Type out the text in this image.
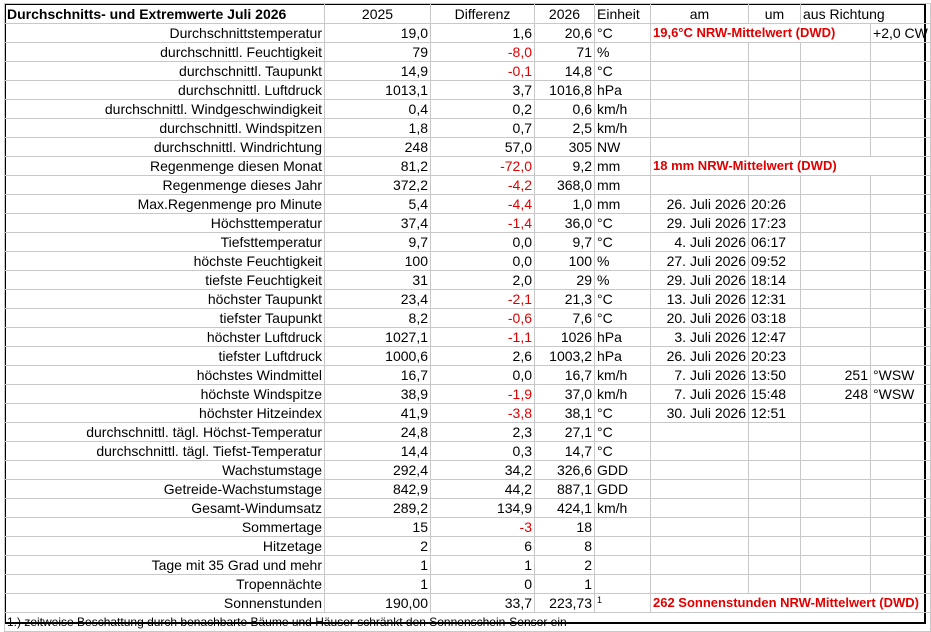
Durchschnitts- und Extremwerte Juli 2026	2025	Differenz	2026	Einheit	am	um	aus Richtung	
Durchschnittstemperatur	19,0	1,6	20,6	°C	19,6°C NRW-Mittelwert (DWD)			+2,0 CW
durchschnittl. Feuchtigkeit	79	-8,0	71	%				
durchschnittl. Taupunkt	14,9	-0,1	14,8	°C				
durchschnittl. Luftdruck	1013,1	3,7	1016,8	hPa				
durchschnittl. Windgeschwindigkeit	0,4	0,2	0,6	km/h				
durchschnittl. Windspitzen	1,8	0,7	2,5	km/h				
durchschnittl. Windrichtung	248	57,0	305	NW				
Regenmenge diesen Monat	81,2	-72,0	9,2	mm	18 mm NRW-Mittelwert (DWD)			
Regenmenge dieses Jahr	372,2	-4,2	368,0	mm				
Max.Regenmenge pro Minute	5,4	-4,4	1,0	mm	26. Juli 2026	20:26		
Höchsttemperatur	37,4	-1,4	36,0	°C	29. Juli 2026	17:23		
Tiefsttemperatur	9,7	0,0	9,7	°C	4. Juli 2026	06:17		
höchste Feuchtigkeit	100	0,0	100	%	27. Juli 2026	09:52		
tiefste Feuchtigkeit	31	2,0	29	%	29. Juli 2026	18:14		
höchster Taupunkt	23,4	-2,1	21,3	°C	13. Juli 2026	12:31		
tiefster Taupunkt	8,2	-0,6	7,6	°C	20. Juli 2026	03:18		
höchster Luftdruck	1027,1	-1,1	1026	hPa	3. Juli 2026	12:47		
tiefster Luftdruck	1000,6	2,6	1003,2	hPa	26. Juli 2026	20:23		
höchstes Windmittel	16,7	0,0	16,7	km/h	7. Juli 2026	13:50	251	°WSW
höchste Windspitze	38,9	-1,9	37,0	km/h	7. Juli 2026	15:48	248	°WSW
höchster Hitzeindex	41,9	-3,8	38,1	°C	30. Juli 2026	12:51		
durchschnittl. tägl. Höchst-Temperatur	24,8	2,3	27,1	°C				
durchschnittl. tägl. Tiefst-Temperatur	14,4	0,3	14,7	°C				
Wachstumstage	292,4	34,2	326,6	GDD				
Getreide-Wachstumstage	842,9	44,2	887,1	GDD				
Gesamt-Windumsatz	289,2	134,9	424,1	km/h				
Sommertage	15	-3	18					
Hitzetage	2	6	8					
Tage mit 35 Grad und mehr	1	1	2					
Tropennächte	1	0	1					
Sonnenstunden	190,00	33,7	223,73	$^1$	262 Sonnenstunden NRW-Mittelwert (DWD)			
1.) zeitweise Beschattung durch benachbarte Bäume und Häuser schränkt den Sonnenschein-Sensor ein								
